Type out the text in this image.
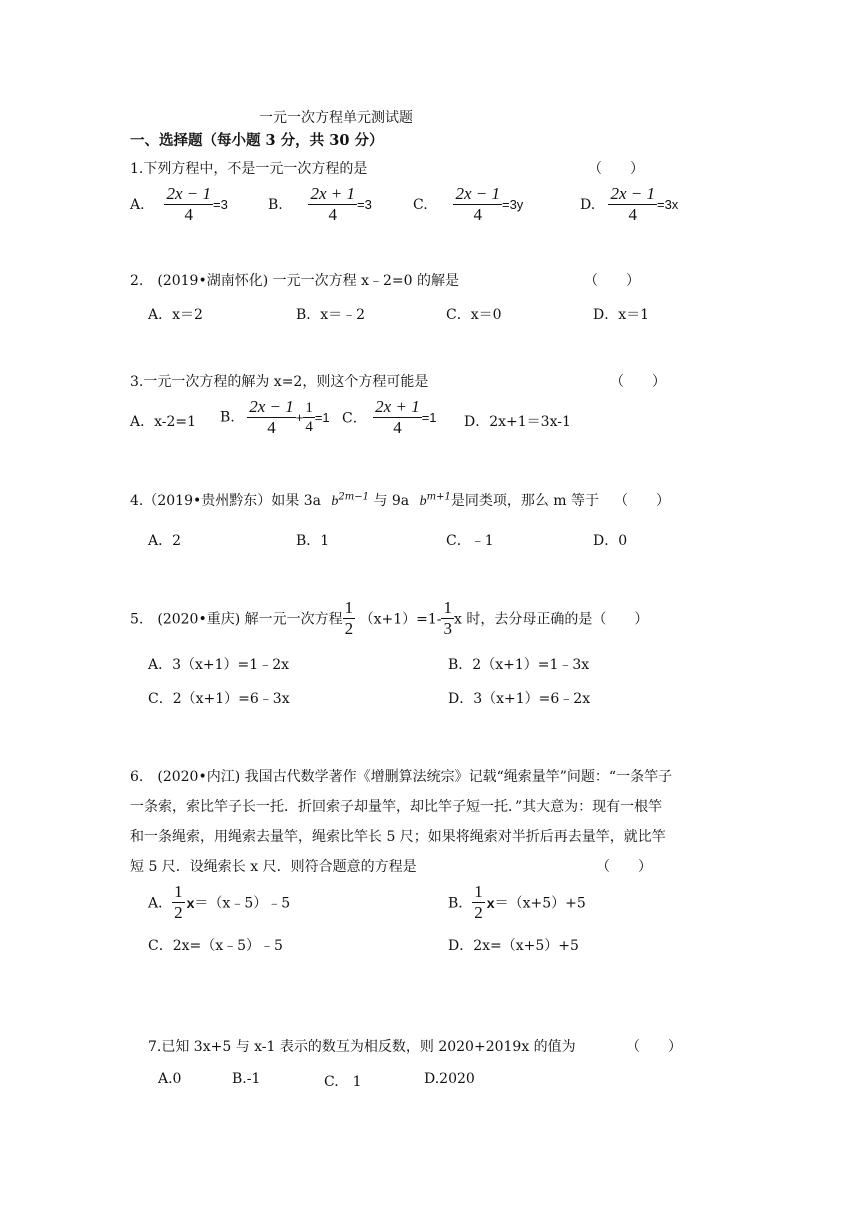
一元一次方程单元测试题
一、选择题（每小题 3 分，共 30 分）
1.下列方程中，不是一元一次方程的是	（　　）
A. $\frac{2x - 1}{4} =3$	B. $\frac{2x + 1}{4} =3$	C. $\frac{2x - 1}{4} =3y$	D. $\frac{2x - 1}{4} =3x$
2.　(2019•湖南怀化) 一元一次方程 x﹣2=0 的解是	（　　）
A．x＝2	B．x＝﹣2	C．x＝0	D．x＝1
3.一元一次方程的解为 x=2，则这个方程可能是	（　　）
A．x-2=1 B. $\frac{2x - 1}{4} + \frac{1}{4} =1$ C． $\frac{2x + 1}{4} =1$ D．2x+1＝3x-1
4.（2019•贵州黔东）如果 3a $b^{2m-1}$ 与 9a $b^{m+1}$是同类项，那么 m 等于 （　　）
A．2	B．1	C．﹣1	D．0
5.　(2020•重庆) 解一元一次方程 $\frac{1}{2} (x+1)=1- \frac{1}{3}$ x 时，去分母正确的是（　　）
A．3（x+1）=1﹣2x	B．2（x+1）=1﹣3x
C．2（x+1）=6﹣3x	D．3（x+1）=6﹣2x
6.　(2020•内江) 我国古代数学著作《增删算法统宗》记载“绳索量竿”问题：“一条竿子
一条索，索比竿子长一托．折回索子却量竿，却比竿子短一托．”其大意为：现有一根竿
和一条绳索，用绳索去量竿，绳索比竿长 5 尺；如果将绳索对半折后再去量竿，就比竿
短 5 尺．设绳索长 x 尺．则符合题意的方程是	（　　）
A． $\frac{1}{2}$ x＝（x﹣5）﹣5	B． $\frac{1}{2} x=(x+5)+5$
C．2x=（x﹣5）﹣5	D．2x=（x+5）+5
7.已知 3x+5 与 x-1 表示的数互为相反数，则 2020+2019x 的值为	（　　）
A.0	B.-1	C.　1	D.2020
